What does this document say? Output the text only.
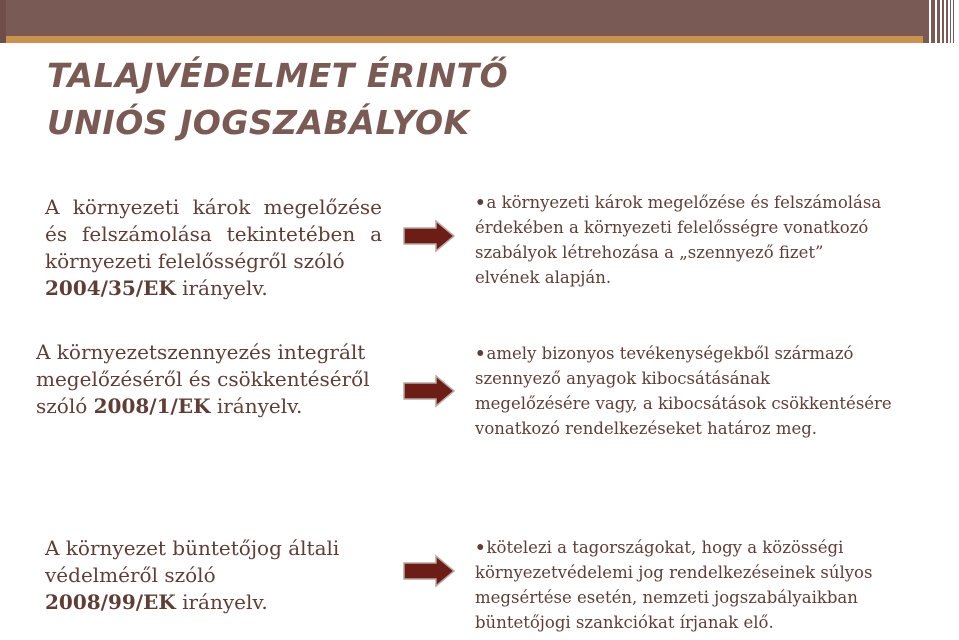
TALAJVÉDELMET ÉRINTŐ
UNIÓS JOGSZABÁLYOK
A környezeti károk megelőzése és felszámolása tekintetében a környezeti felelősségről szóló
2004/35/EK irányelv.
•a környezeti károk megelőzése és felszámolása
érdekében a környezeti felelősségre vonatkozó
szabályok létrehozása a „szennyező fizet”
elvének alapján.
A környezetszennyezés integrált
megelőzéséről és csökkentéséről
szóló 2008/1/EK irányelv.
•amely bizonyos tevékenységekből származó
szennyező anyagok kibocsátásának
megelőzésére vagy, a kibocsátások csökkentésére
vonatkozó rendelkezéseket határoz meg.
A környezet büntetőjog általi
védelméről szóló
2008/99/EK irányelv.
•kötelezi a tagországokat, hogy a közösségi
környezetvédelemi jog rendelkezéseinek súlyos
megsértése esetén, nemzeti jogszabályaikban
büntetőjogi szankciókat írjanak elő.
